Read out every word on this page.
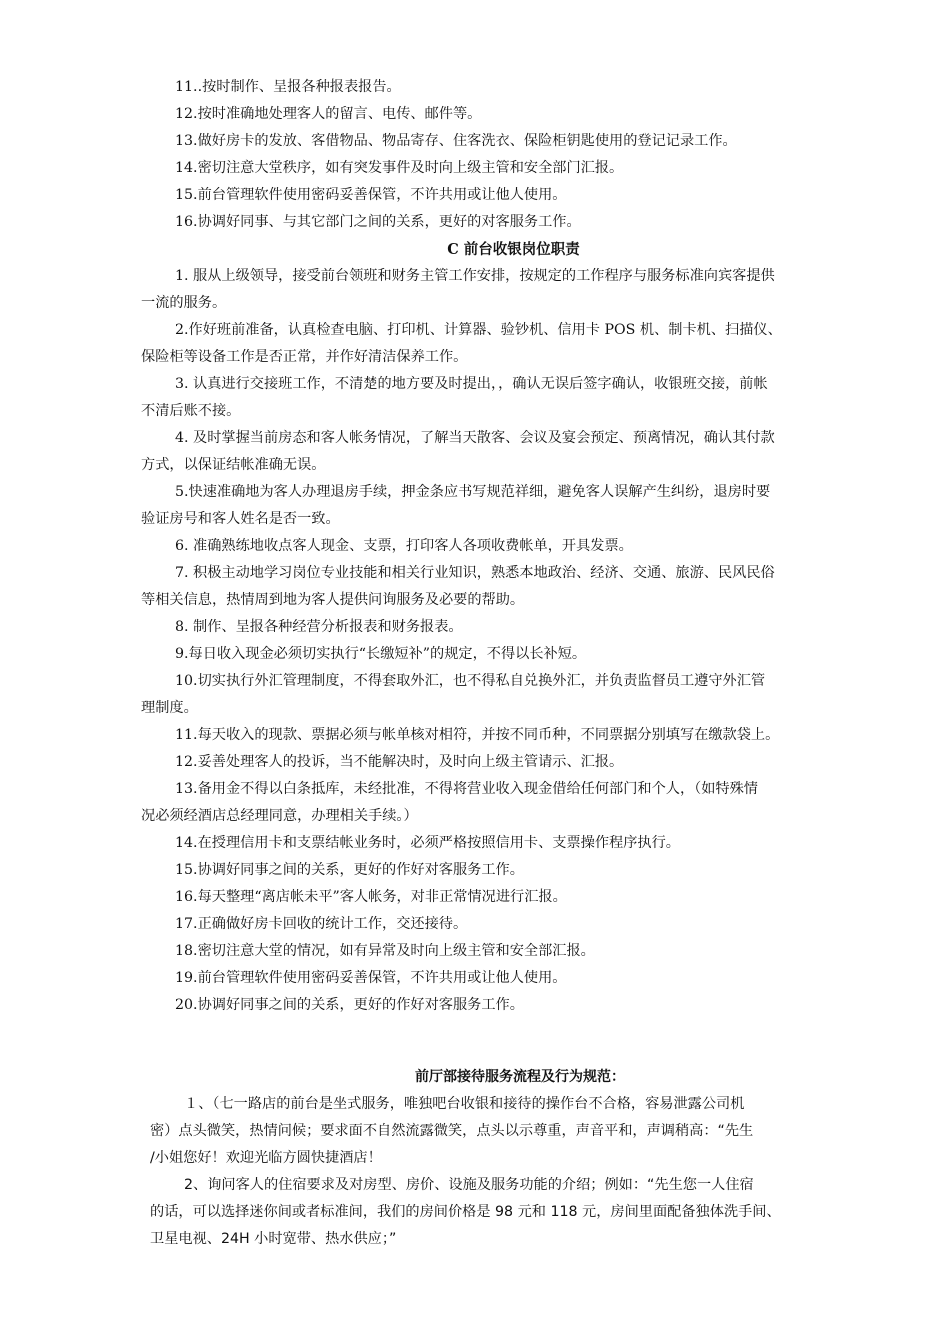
11..按时制作、呈报各种报表报告。
12.按时准确地处理客人的留言、电传、邮件等。
13.做好房卡的发放、客借物品、物品寄存、住客洗衣、保险柜钥匙使用的登记记录工作。
14.密切注意大堂秩序，如有突发事件及时向上级主管和安全部门汇报。
15.前台管理软件使用密码妥善保管，不许共用或让他人使用。
16.协调好同事、与其它部门之间的关系，更好的对客服务工作。
C 前台收银岗位职责
1. 服从上级领导，接受前台领班和财务主管工作安排，按规定的工作程序与服务标准向宾客提供
一流的服务。
2.作好班前准备，认真检查电脑、打印机、计算器、验钞机、信用卡 POS 机、制卡机、扫描仪、
保险柜等设备工作是否正常，并作好清洁保养工作。
3. 认真进行交接班工作，不清楚的地方要及时提出，，确认无误后签字确认，收银班交接，前帐
不清后账不接。
4. 及时掌握当前房态和客人帐务情况，了解当天散客、会议及宴会预定、预离情况，确认其付款
方式，以保证结帐准确无误。
5.快速准确地为客人办理退房手续，押金条应书写规范祥细，避免客人误解产生纠纷，退房时要
验证房号和客人姓名是否一致。
6. 准确熟练地收点客人现金、支票，打印客人各项收费帐单，开具发票。
7. 积极主动地学习岗位专业技能和相关行业知识，熟悉本地政治、经济、交通、旅游、民风民俗
等相关信息，热情周到地为客人提供问询服务及必要的帮助。
8. 制作、呈报各种经营分析报表和财务报表。
9.每日收入现金必须切实执行“长缴短补”的规定，不得以长补短。
10.切实执行外汇管理制度，不得套取外汇，也不得私自兑换外汇，并负责监督员工遵守外汇管
理制度。
11.每天收入的现款、票据必须与帐单核对相符，并按不同币种，不同票据分别填写在缴款袋上。
12.妥善处理客人的投诉，当不能解决时，及时向上级主管请示、汇报。
13.备用金不得以白条抵库，未经批准，不得将营业收入现金借给任何部门和个人，（如特殊情
况必须经酒店总经理同意，办理相关手续。）
14.在授理信用卡和支票结帐业务时，必须严格按照信用卡、支票操作程序执行。
15.协调好同事之间的关系，更好的作好对客服务工作。
16.每天整理“离店帐未平”客人帐务，对非正常情况进行汇报。
17.正确做好房卡回收的统计工作，交还接待。
18.密切注意大堂的情况，如有异常及时向上级主管和安全部汇报。
19.前台管理软件使用密码妥善保管，不许共用或让他人使用。
20.协调好同事之间的关系，更好的作好对客服务工作。
前厅部接待服务流程及行为规范：
１、（七一路店的前台是坐式服务，唯独吧台收银和接待的操作台不合格，容易泄露公司机
密）点头微笑，热情问候；要求面不自然流露微笑，点头以示尊重，声音平和，声调稍高：“先生
/小姐您好！欢迎光临方圆快捷酒店！
2、询问客人的住宿要求及对房型、房价、设施及服务功能的介绍；例如：“先生您一人住宿
的话，可以选择迷你间或者标准间，我们的房间价格是 98 元和 118 元，房间里面配备独体洗手间、
卫星电视、24H 小时宽带、热水供应；”
